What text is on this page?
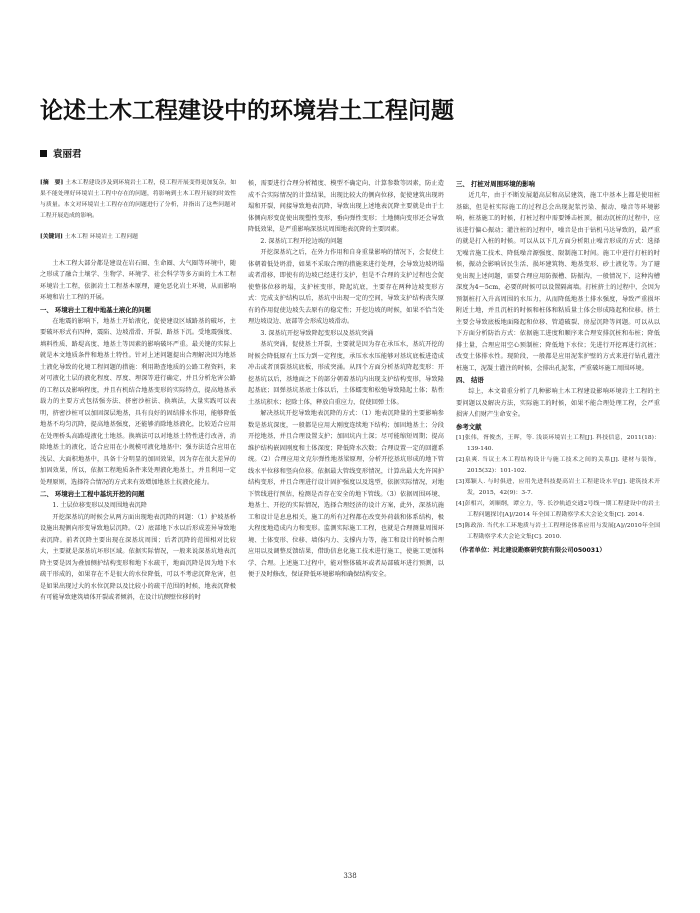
论述土木工程建设中的环境岩土工程问题
袁丽君

[摘　要] 土木工程建设涉及到环境岩土工程，使工程开展变得更加复杂，如果不能处理好环境岩土工程中存在的问题，将影响到土木工程开展的时效性与质量。本文对环境岩土工程存在的问题进行了分析，并指出了这些问题对工程开展造成的影响。

[关键词] 土木工程 环境岩土 工程问题

土木工程大部分都是建设在岩石圈、生命圈、大气圈等环境中，随之形成了融合土壤学、生物学、环境学、社会科学等多方面的土木工程环境岩土工程，依据岩土工程基本原理，避免恶化岩土环境，从而影响环境和岩土工程的开展。

一、 环境岩土工程中地基土液化的问题

在地震的影响下，地基土开始液化，促使建设区域路基的破坏，主要破坏形式有四种，震陷、边坡滑滑、开裂、路基下沉。受地震强度、填料性质、路堤高度、地基土等因素的影响破坏严重。最关键的实际上就是本文地质条件和地基土特性。针对上述问题提出合理解决因为地基土液化导致的化境工程问题的措施：利用勘查地质的公路工程资料，来对可液化土层的液化程度、厚度、埋深等进行确定，并且分析危害公路的工程以及影响程度，并且有机结合地基变形的实际特点，提高地基承载力的主要方式包括强夯法、挤密沙桩法、换填法，大量实践可以表明，挤密沙桩可以加固深层地基，具有良好的固结排水作用，能够降低地基不均匀沉降，提高地基强度，还能够消除地基液化，比较适合应用在处理桥头高路堤液化土地基。换填法可以对地基土特性进行改善，消除地基土的液化，适合应用在小规模可液化地基中；强夯法适合应用在浅层、大面积地基中，具备十分明显的加固效果，因为存在很大差异的加固效果，所以，依据工程地质条件来处理液化地基土，并且利用一定处理原则，选择符合情况的方式来有效增加地基土抗液化能力。

二、 环境岩土工程中基坑开挖的问题

1. 土层位移变形以及周围地表沉降

开挖深基坑的时候会从两方面出现地表沉降的问题：（1）护坡基桥设施出现侧向形变导致地层沉降。（2）底部地下水以后形成差异导致地表沉降。前者沉降主要出现在深基坑周围；后者沉降的范围相对比较大，主要就是深基坑坏形区域。依据实际情况，一般来说深基坑地表沉降主要是因为叠加侧护结构变形和地下水疏干，地面沉降是因为地下水疏干形成的，如果存在不是很大的水位降低，可以不考虑沉降危害，但是如果出现过大的水位沉降以及比较小的疏干范围的时候，地表沉降极有可能导致建筑墙体开裂或者倾斜，在设计坑侧壁位移的时

候，需要进行合理分析精度、模型不确定向、计算参数等因素，防止造成不合实际情况的计算结果，出现比较大的侧向位移，促使建筑出现坍塌和开裂，间接导致地表沉降，导致出现上述地表沉降主要就是由于土体侧向形变促使出现塑性变形，垂向弹性变形；土地侧向变形还会导致降低效果，是严重影响深基坑周围地表沉降的主要因素。

2. 深基坑工程开挖边坡的问题

开挖深基坑之后，在外力作用和自身重量影响的情况下，会促使土体朝着低处坍滑，如果不采取合理的措施来进行处理，会导致边坡坍塌或者滑移，即使有的边坡已经进行支护，但是不合理的支护过程也会促使整体位移坍塌，支护桩变形，降起坑底，主要存在两种边坡变形方式：完成支护结构以后，基坑中出现一定的空间，导致支护结构丧失原有的作用促使边坡失去原有的稳定性；开挖边坡的时候，如果不恰当处理边坡设边、底部等会形成边坡滑动。

3. 深基坑开挖导致降起变形以及基坑突涌

基坑突涌，促使基土开裂，主要就是因为存在承压水，基坑开挖的时候会降低原有土压力到一定程度，承压水水压能够对基坑底板进造成冲击或者顶裂基坑底板，形成突涌。从四个方面分析基坑降起变形：开挖基坑以后，基地面之下的部分朝着基坑内出现支护结构变形，导致隆起基底；回弹基坑基底土体以后，土体蠕变和松弛导致隆起土体；粘性土基坑积水；挖除土体，释放自重应力，促使回弹土体。

解决基坑开挖导致地表沉降的方式：（1）地表沉降量的主要影响参数是基坑深度，一般都是应用大刚度连续地下结构；加固地基土；分段开挖地基，并且合理设置支护；加固坑内土深；尽可能缩短周期；提高维护结构嵌固刚度和土体深度；降低降水次数；合理设置一定的回灌系统。（2）合理应用文克尔弹性地基梁原理，分析开挖基坑形成的地下管线水平位移和竖向位移。依据最大管线变形情况，计算出最大允许国护结构变形，并且合理进行设计固护强度以及选型，依据实际情况，对地下管线进行预估，检测是否存在安全的地下管线。（3）依据周围环境、地基土、开挖的实际情况，选择合理经济的设计方案，此外，深基坑施工和设计是息息相关，施工的所有过程都在改变外荷载和体系结构，极大程度地造成内力和变形。监测实际施工工程，也就是合理测量周围环境、土体变形、位移、墙体内力、支撑内力等，施工和设计的时候合理应用以及调整反馈结果，借助信息化施工技术进行施工，使施工更加科学、合理。上述施工过程中，能对整体破坏或者局部破坏进行预测，以便于及时修改，保证降低环境影响和确保结构安全。

三、 打桩对周围环境的影响

近几年，由于不断发展超高层和高层建筑，施工中基本上都是使用桩基础，但是桩实际施工的过程总会出现泥浆污染、振动、噪音等环境影响，桩基施工的时候，打桩过程中需要锤击桩顶，振动沉桩的过程中，应该进行偏心振动；灌注桩的过程中，噪音是由于钻机马达导致的，最严重的就是打入桩的时候。可以从以下几方面分析阻止噪音形成的方式：选择无噪音施工技术、降低噪音源强度、限制施工时间。施工中进行打桩的时候，振动会影响居民生活、损坏建筑物、地基变形、砂土液化等。为了避免出现上述问题，需要合理应用防振槽、防振沟，一般情况下，这种沟槽深度为4～5cm，必要的时候可以设置隔离墙。打桩挤土的过程中，会因为预制桩打入升高周围的水压力，从而降低地基土排水强度，导致严重损坏附近土地，并且沉桩的时候和桩体和粘质量土体会形成隆起和位移。挤土主要会导致底板地面隆起和位移、管道破裂、房屋沉降等问题。可以从以下方面分析防治方式：依据施工进度和顺序来合理安排沉桩和布桩；降低排土量，合理应用空心预制桩；降低地下水位；先进行开挖再进行沉桩；改变土体排水性。现阶段，一般都是应用泥浆护壁的方式来进行钻孔灌注桩施工，泥凝土灌注的时候，会排出孔泥浆，严重破坏施工周围环境。

四、 结语

综上，本文着重分析了几种影响土木工程建设影响环境岩土工程的主要问题以及解决方法，实际施工的时候，如果不能合理处理工程，会严重损害人们财产生命安全。

参考文献

[1]张伟，胥俊杰，王晖，等. 浅谈环境岩土工程[J]. 科技信息，2011(18)：139-140.

[2]泉爽. 当议土木工程结构设计与施工技术之间的关系[J]. 建材与装饰，2015(32)：101-102.

[3]郑颖人. 与时俱进，应用先进科技提高岩土工程建设水平[J]. 建筑技术开发，2015，42(9)：3-7.

[4]彭相兴，刘顺纲，谭立力，等. 长沙轨道交通2号线一期工程建设中的岩土工程问题探讨[A]//2014 年全国工程勘察学术大会论文集[C]. 2014.

[5]陈政治. 当代水工环地质与岩土工程理论体系应用与发展[A]//2010年全国工程勘察学术大会论文集[C]. 2010.

（作者单位：河北建设勘察研究院有限公司050031）

338
